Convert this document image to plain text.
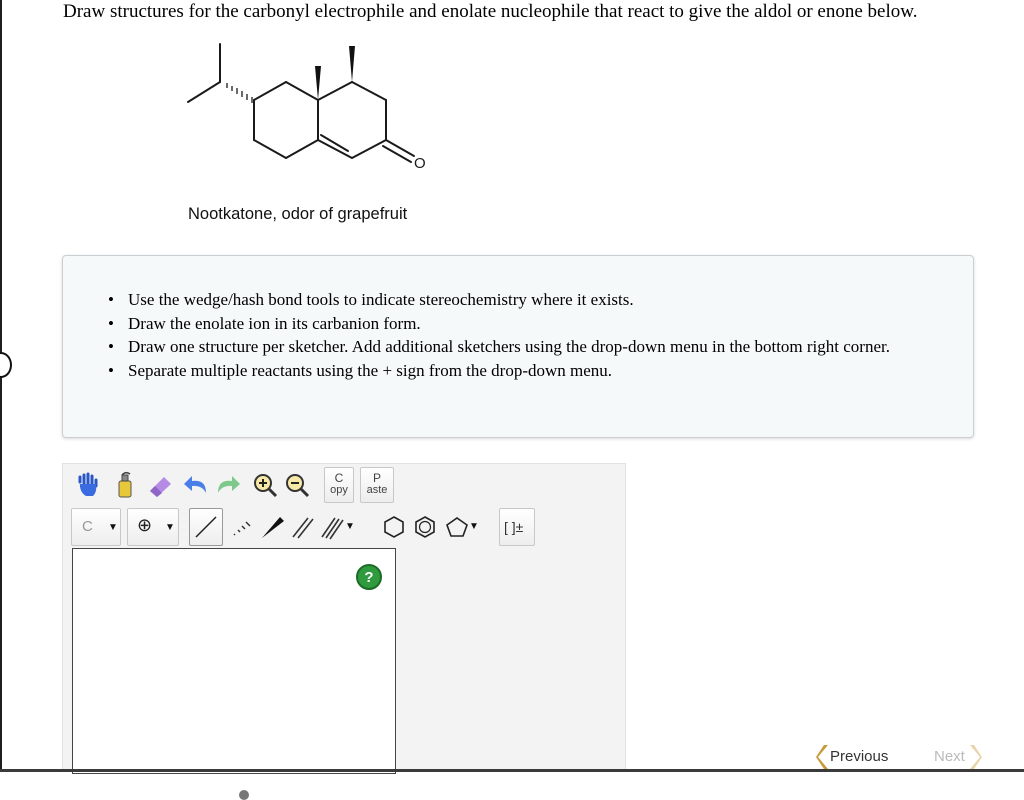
Draw structures for the carbonyl electrophile and enolate nucleophile that react to give the aldol or enone below.
O
Nootkatone, odor of grapefruit
• Use the wedge/hash bond tools to indicate stereochemistry where it exists.
• Draw the enolate ion in its carbanion form.
• Draw one structure per sketcher. Add additional sketchers using the drop-down menu in the bottom right corner.
• Separate multiple reactants using the + sign from the drop-down menu.
C
opy
P
aste
C ▼ ⊕ ▼	▼	▼ [ ]±
?
Previous	Next
